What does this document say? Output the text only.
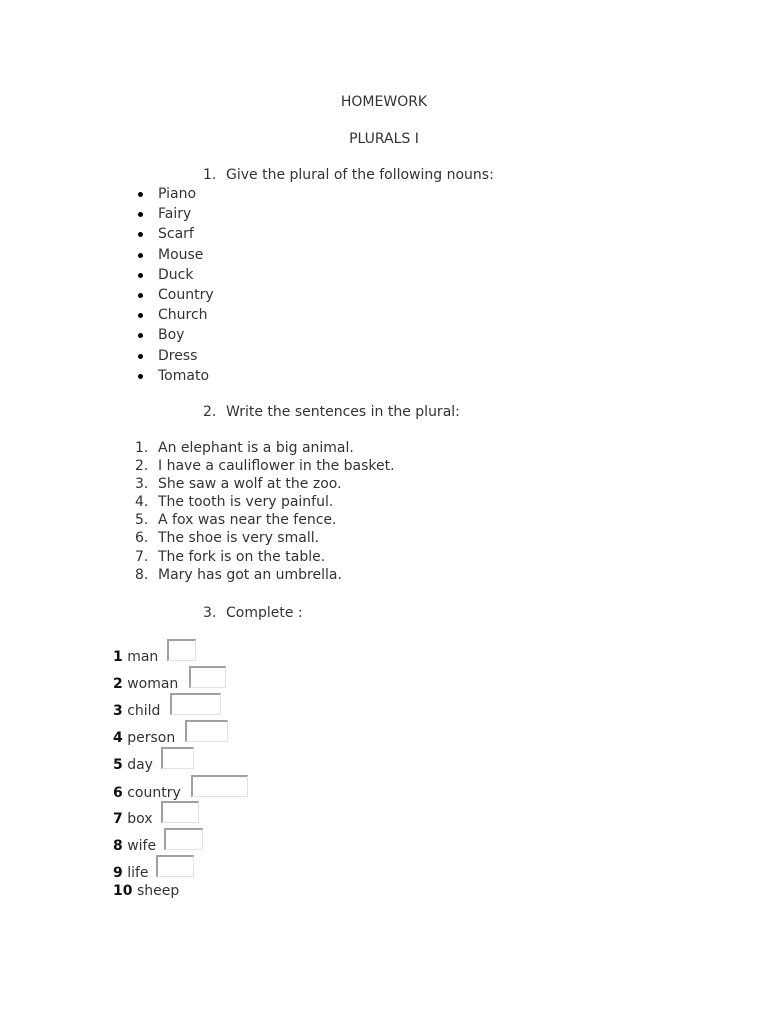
HOMEWORK
PLURALS I
1. Give the plural of the following nouns:
Piano
Fairy
Scarf
Mouse
Duck
Country
Church
Boy
Dress
Tomato
2. Write the sentences in the plural:
1. An elephant is a big animal.
2. I have a cauliflower in the basket.
3. She saw a wolf at the zoo.
4. The tooth is very painful.
5. A fox was near the fence.
6. The shoe is very small.
7. The fork is on the table.
8. Mary has got an umbrella.
3. Complete :
1 man
2 woman
3 child
4 person
5 day
6 country
7 box
8 wife
9 life
10 sheep
